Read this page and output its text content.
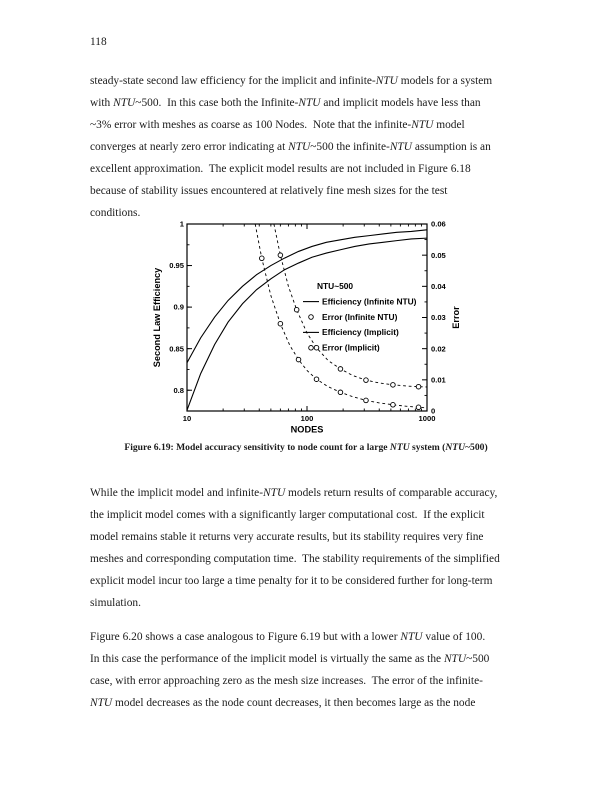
118
steady-state second law efficiency for the implicit and infinite-NTU models for a system
with NTU~500.  In this case both the Infinite-NTU and implicit models have less than
~3% error with meshes as coarse as 100 Nodes.  Note that the infinite-NTU model
converges at nearly zero error indicating at NTU~500 the infinite-NTU assumption is an
excellent approximation.  The explicit model results are not included in Figure 6.18
because of stability issues encountered at relatively fine mesh sizes for the test
conditions.
10	100	1000
NODES
0.8
0.85
0.9
0.95
1
Second Law Efficiency
0
0.01
0.02
0.03
0.04
0.05
0.06
Error
NTU~500
Efficiency (Infinite NTU)
Error (Infinite NTU)
Efficiency (Implicit)
Error (Implicit)
Figure 6.19: Model accuracy sensitivity to node count for a large NTU system (NTU~500)
While the implicit model and infinite-NTU models return results of comparable accuracy,
the implicit model comes with a significantly larger computational cost.  If the explicit
model remains stable it returns very accurate results, but its stability requires very fine
meshes and corresponding computation time.  The stability requirements of the simplified
explicit model incur too large a time penalty for it to be considered further for long-term
simulation.
Figure 6.20 shows a case analogous to Figure 6.19 but with a lower NTU value of 100.
In this case the performance of the implicit model is virtually the same as the NTU~500
case, with error approaching zero as the mesh size increases.  The error of the infinite-
NTU model decreases as the node count decreases, it then becomes large as the node
